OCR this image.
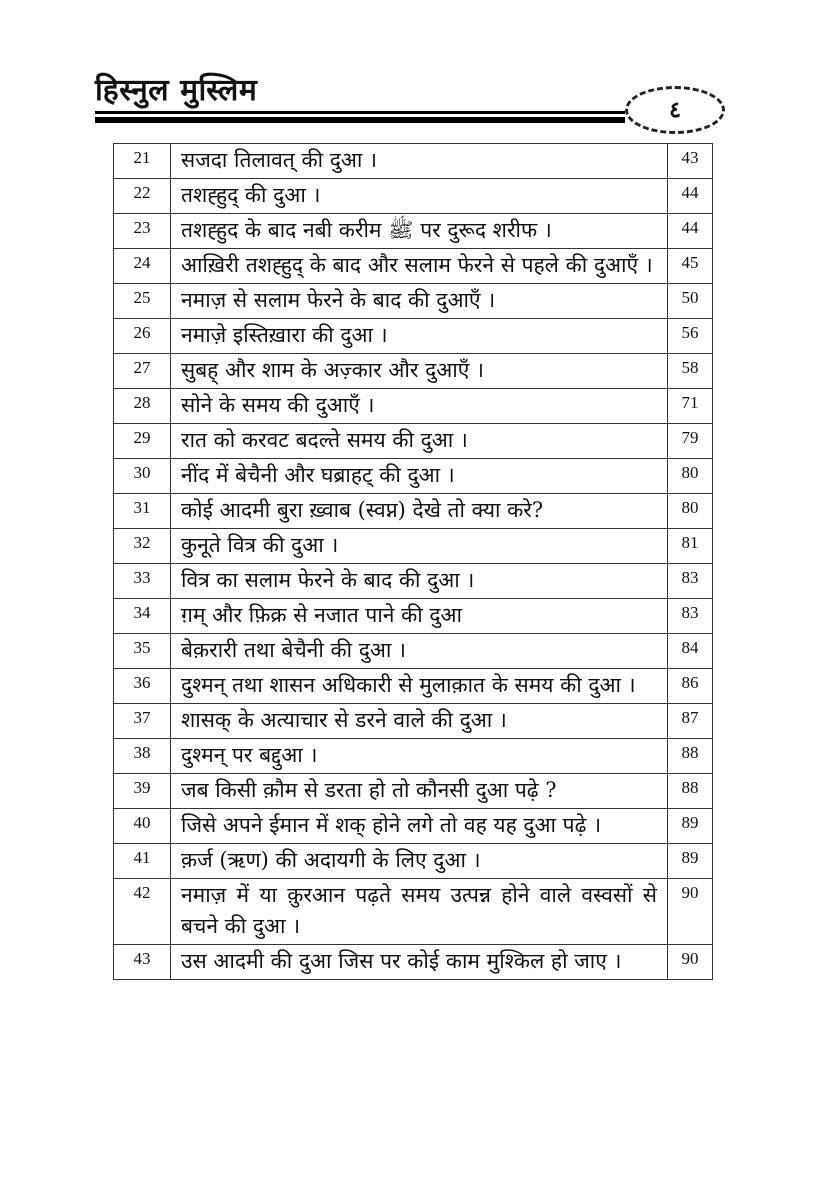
हिस्नुल मुस्लिम
٤
21	सजदा तिलावत् की दुआ ।	43
22	तशह्हुद् की दुआ ।	44
23	तशह्हुद के बाद नबी करीम ﷺ पर दुरूद शरीफ ।	44
24	आख़िरी तशह्हुद् के बाद और सलाम फेरने से पहले की दुआएँ ।	45
25	नमाज़ से सलाम फेरने के बाद की दुआएँ ।	50
26	नमाज़े इस्तिख़ारा की दुआ ।	56
27	सुबह् और शाम के अज़्कार और दुआएँ ।	58
28	सोने के समय की दुआएँ ।	71
29	रात को करवट बदल्ते समय की दुआ ।	79
30	नींद में बेचैनी और घब्राहट् की दुआ ।	80
31	कोई आदमी बुरा ख़्वाब (स्वप्न) देखे तो क्या करे?	80
32	कुनूते वित्र की दुआ ।	81
33	वित्र का सलाम फेरने के बाद की दुआ ।	83
34	ग़म् और फ़िक्र से नजात पाने की दुआ	83
35	बेक़रारी तथा बेचैनी की दुआ ।	84
36	दुश्मन् तथा शासन अधिकारी से मुलाक़ात के समय की दुआ ।	86
37	शासक् के अत्याचार से डरने वाले की दुआ ।	87
38	दुश्मन् पर बद्दुआ ।	88
39	जब किसी क़ौम से डरता हो तो कौनसी दुआ पढ़े ?	88
40	जिसे अपने ईमान में शक् होने लगे तो वह यह दुआ पढ़े ।	89
41	क़र्ज (ऋण) की अदायगी के लिए दुआ ।	89
42	नमाज़ में या क़ुरआन पढ़ते समय उत्पन्न होने वाले वस्वसों से बचने की दुआ ।	90
43	उस आदमी की दुआ जिस पर कोई काम मुश्किल हो जाए ।	90
